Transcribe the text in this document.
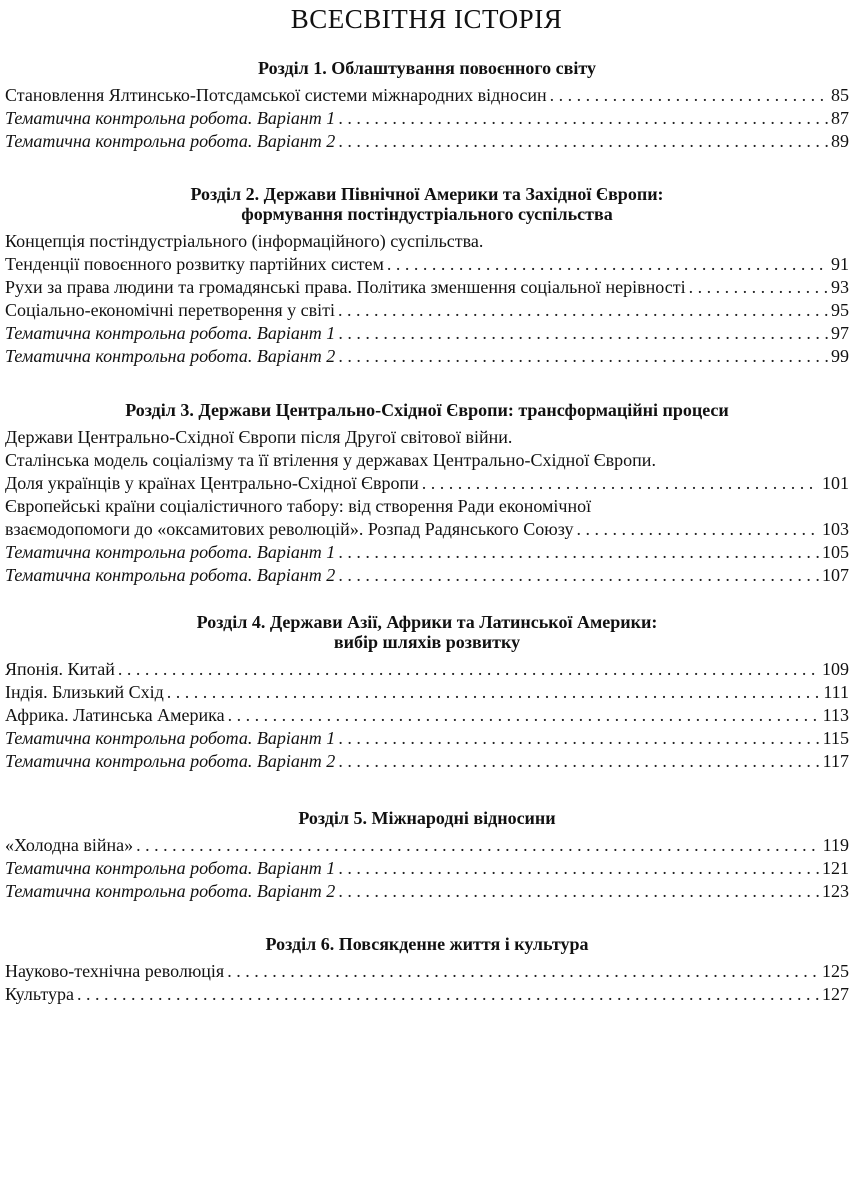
ВСЕСВІТНЯ ІСТОРІЯ
Розділ 1. Облаштування повоєнного світу
Становлення Ялтинсько-Потсдамської системи міжнародних відносин . . .	85
Тематична контрольна робота. Варіант 1 . . .	87
Тематична контрольна робота. Варіант 2 . . .	89
Розділ 2. Держави Північної Америки та Західної Європи:
формування постіндустріального суспільства
Концепція постіндустріального (інформаційного) суспільства.
Тенденції повоєнного розвитку партійних систем . . .	91
Рухи за права людини та громадянські права. Політика зменшення соціальної нерівності . . .	93
Соціально-економічні перетворення у світі . . .	95
Тематична контрольна робота. Варіант 1 . . .	97
Тематична контрольна робота. Варіант 2 . . .	99
Розділ 3. Держави Центрально-Східної Європи: трансформаційні процеси
Держави Центрально-Східної Європи після Другої світової війни.
Сталінська модель соціалізму та її втілення у державах Центрально-Східної Європи.
Доля українців у країнах Центрально-Східної Європи . . .	101
Європейські країни соціалістичного табору: від створення Ради економічної
взаємодопомоги до «оксамитових революцій». Розпад Радянського Союзу . . .	103
Тематична контрольна робота. Варіант 1 . . .	105
Тематична контрольна робота. Варіант 2 . . .	107
Розділ 4. Держави Азії, Африки та Латинської Америки:
вибір шляхів розвитку
Японія. Китай . . .	109
Індія. Близький Схід . . .	111
Африка. Латинська Америка . . .	113
Тематична контрольна робота. Варіант 1 . . .	115
Тематична контрольна робота. Варіант 2 . . .	117
Розділ 5. Міжнародні відносини
«Холодна війна» . . .	119
Тематична контрольна робота. Варіант 1 . . .	121
Тематична контрольна робота. Варіант 2 . . .	123
Розділ 6. Повсякденне життя і культура
Науково-технічна революція . . .	125
Культура . . .	127
